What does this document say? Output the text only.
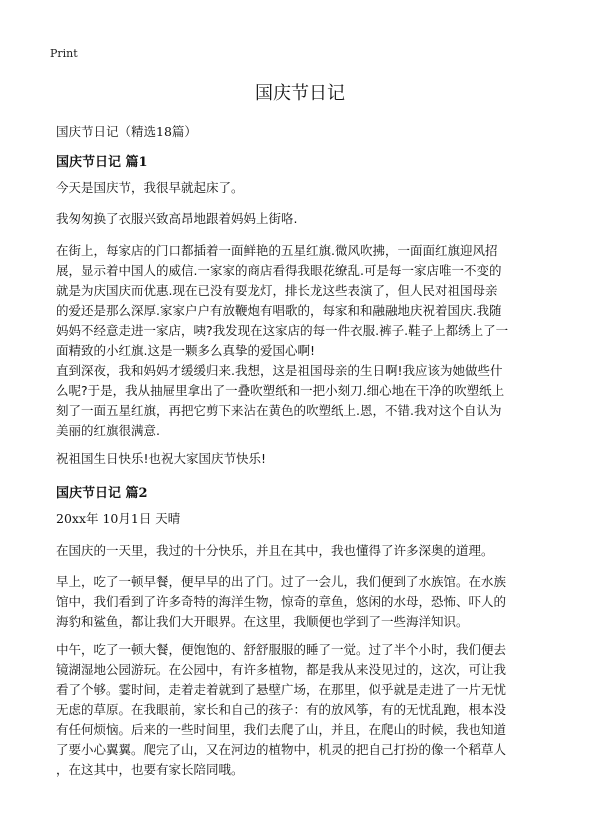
Print
国庆节日记
国庆节日记（精选18篇）
国庆节日记 篇1
今天是国庆节，我很早就起床了。
我匆匆换了衣服兴致高昂地跟着妈妈上街咯.
在街上，每家店的门口都插着一面鲜艳的五星红旗.微风吹拂，一面面红旗迎风招
展，显示着中国人的威信.一家家的商店看得我眼花缭乱.可是每一家店唯一不变的
就是为庆国庆而优惠.现在已没有耍龙灯，排长龙这些表演了，但人民对祖国母亲
的爱还是那么深厚.家家户户有放鞭炮有唱歌的，每家和和融融地庆祝着国庆.我随
妈妈不经意走进一家店，咦?我发现在这家店的每一件衣服.裤子.鞋子上都绣上了一
面精致的小红旗.这是一颗多么真挚的爱国心啊!
直到深夜，我和妈妈才缓缓归来.我想，这是祖国母亲的生日啊!我应该为她做些什
么呢?于是，我从抽屉里拿出了一叠吹塑纸和一把小刻刀.细心地在干净的吹塑纸上
刻了一面五星红旗，再把它剪下来沾在黄色的吹塑纸上.恩，不错.我对这个自认为
美丽的红旗很满意.
祝祖国生日快乐!也祝大家国庆节快乐!
国庆节日记 篇2
20xx年 10月1日 天晴
在国庆的一天里，我过的十分快乐，并且在其中，我也懂得了许多深奥的道理。
早上，吃了一顿早餐，便早早的出了门。过了一会儿，我们便到了水族馆。在水族
馆中，我们看到了许多奇特的海洋生物，惊奇的章鱼，悠闲的水母，恐怖、吓人的
海豹和鲨鱼，都让我们大开眼界。在这里，我顺便也学到了一些海洋知识。
中午，吃了一顿大餐，便饱饱的、舒舒服服的睡了一觉。过了半个小时，我们便去
镜湖湿地公园游玩。在公园中，有许多植物，都是我从来没见过的，这次，可让我
看了个够。霎时间，走着走着就到了悬壁广场，在那里，似乎就是走进了一片无忧
无虑的草原。在我眼前，家长和自己的孩子：有的放风筝，有的无忧乱跑，根本没
有任何烦恼。后来的一些时间里，我们去爬了山，并且，在爬山的时候，我也知道
了要小心翼翼。爬完了山，又在河边的植物中，机灵的把自己打扮的像一个稻草人
，在这其中，也要有家长陪同哦。
